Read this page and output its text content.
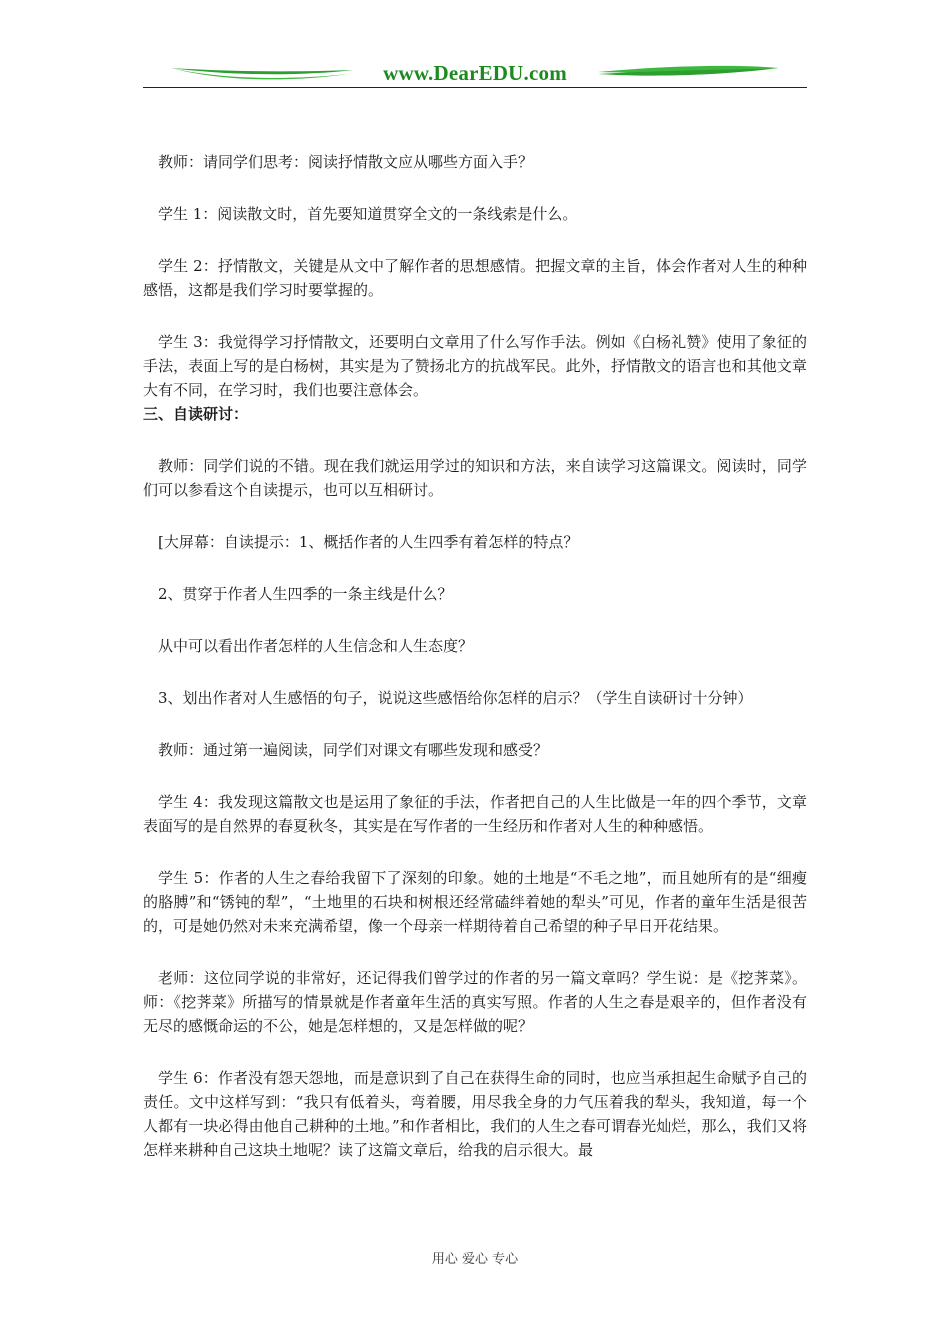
www.DearEDU.com

教师：请同学们思考：阅读抒情散文应从哪些方面入手？

学生 1：阅读散文时，首先要知道贯穿全文的一条线索是什么。

学生 2：抒情散文，关键是从文中了解作者的思想感情。把握文章的主旨，体会作者对人生的种种感悟，这都是我们学习时要掌握的。

学生 3：我觉得学习抒情散文，还要明白文章用了什么写作手法。例如《白杨礼赞》使用了象征的手法，表面上写的是白杨树，其实是为了赞扬北方的抗战军民。此外，抒情散文的语言也和其他文章大有不同，在学习时，我们也要注意体会。

三、自读研讨：

教师：同学们说的不错。现在我们就运用学过的知识和方法，来自读学习这篇课文。阅读时，同学们可以参看这个自读提示，也可以互相研讨。

[大屏幕：自读提示：1、概括作者的人生四季有着怎样的特点？

2、贯穿于作者人生四季的一条主线是什么？

从中可以看出作者怎样的人生信念和人生态度？

3、划出作者对人生感悟的句子，说说这些感悟给你怎样的启示？（学生自读研讨十分钟）

教师：通过第一遍阅读，同学们对课文有哪些发现和感受？

学生 4：我发现这篇散文也是运用了象征的手法，作者把自己的人生比做是一年的四个季节，文章表面写的是自然界的春夏秋冬，其实是在写作者的一生经历和作者对人生的种种感悟。

学生 5：作者的人生之春给我留下了深刻的印象。她的土地是“不毛之地”，而且她所有的是“细瘦的胳膊”和“锈钝的犁”，“土地里的石块和树根还经常磕绊着她的犁头”可见，作者的童年生活是很苦的，可是她仍然对未来充满希望，像一个母亲一样期待着自己希望的种子早日开花结果。

老师：这位同学说的非常好，还记得我们曾学过的作者的另一篇文章吗？学生说：是《挖荠菜》。师：《挖荠菜》所描写的情景就是作者童年生活的真实写照。作者的人生之春是艰辛的，但作者没有无尽的感慨命运的不公，她是怎样想的，又是怎样做的呢？

学生 6：作者没有怨天怨地，而是意识到了自己在获得生命的同时，也应当承担起生命赋予自己的责任。文中这样写到：“我只有低着头，弯着腰，用尽我全身的力气压着我的犁头，我知道，每一个人都有一块必得由他自己耕种的土地。”和作者相比，我们的人生之春可谓春光灿烂，那么，我们又将怎样来耕种自己这块土地呢？读了这篇文章后，给我的启示很大。最

用心 爱心 专心
